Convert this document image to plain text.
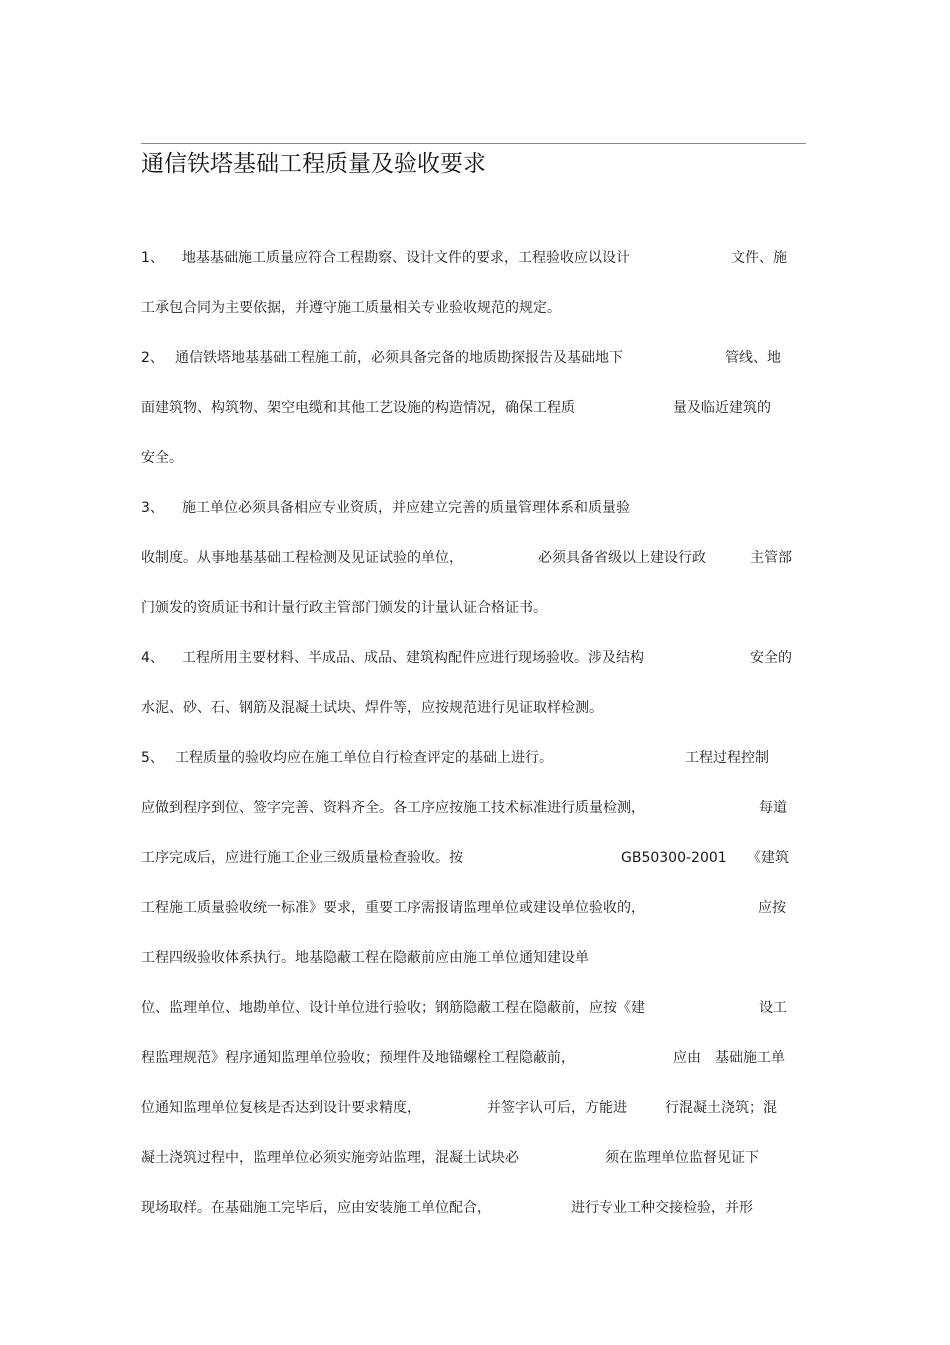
通信铁塔基础工程质量及验收要求
1、 地基基础施工质量应符合工程勘察、设计文件的要求，工程验收应以设计	文件、施
工承包合同为主要依据，并遵守施工质量相关专业验收规范的规定。
2、 通信铁塔地基基础工程施工前，必须具备完备的地质勘探报告及基础地下	管线、地
面建筑物、构筑物、架空电缆和其他工艺设施的构造情况，确保工程质	量及临近建筑的
安全。
3、 施工单位必须具备相应专业资质，并应建立完善的质量管理体系和质量验
收制度。从事地基基础工程检测及见证试验的单位，	必须具备省级以上建设行政	主管部
门颁发的资质证书和计量行政主管部门颁发的计量认证合格证书。
4、 工程所用主要材料、半成品、成品、建筑构配件应进行现场验收。涉及结构	安全的
水泥、砂、石、钢筋及混凝土试块、焊件等，应按规范进行见证取样检测。
5、 工程质量的验收均应在施工单位自行检查评定的基础上进行。	工程过程控制
应做到程序到位、签字完善、资料齐全。各工序应按施工技术标准进行质量检测，	每道
工序完成后，应进行施工企业三级质量检查验收。按	GB50300-2001 《建筑
工程施工质量验收统一标准》要求，重要工序需报请监理单位或建设单位验收的，	应按
工程四级验收体系执行。地基隐蔽工程在隐蔽前应由施工单位通知建设单
位、监理单位、地勘单位、设计单位进行验收；钢筋隐蔽工程在隐蔽前，应按《建	设工
程监理规范》程序通知监理单位验收；预埋件及地锚螺栓工程隐蔽前，	应由 基础施工单
位通知监理单位复核是否达到设计要求精度，	并签字认可后，方能进	行混凝土浇筑；混
凝土浇筑过程中，监理单位必须实施旁站监理，混凝土试块必	须在监理单位监督见证下
现场取样。在基础施工完毕后，应由安装施工单位配合，	进行专业工种交接检验，并形
